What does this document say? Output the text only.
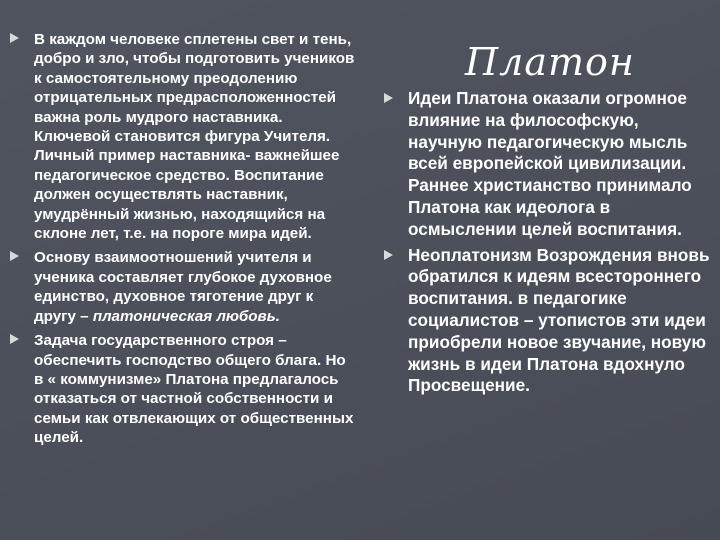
Платон
В каждом человеке сплетены свет и тень, добро и зло, чтобы подготовить учеников к самостоятельному преодолению отрицательных предрасположенностей важна роль мудрого наставника. Ключевой становится фигура Учителя. Личный пример наставника- важнейшее педагогическое средство. Воспитание должен осуществлять наставник, умудрённый жизнью, находящийся на склоне лет, т.е. на пороге мира идей.
Основу взаимоотношений учителя и ученика составляет глубокое духовное единство, духовное тяготение друг к другу – платоническая любовь.
Задача государственного строя – обеспечить господство общего блага. Но в « коммунизме» Платона предлагалось отказаться от частной собственности и семьи как отвлекающих от общественных целей.
Идеи Платона оказали огромное влияние на философскую, научную педагогическую мысль всей европейской цивилизации. Раннее христианство принимало Платона как идеолога в осмыслении целей воспитания.
Неоплатонизм Возрождения вновь обратился к идеям всестороннего воспитания. в педагогике социалистов – утопистов эти идеи приобрели новое звучание, новую жизнь в идеи Платона вдохнуло Просвещение.
